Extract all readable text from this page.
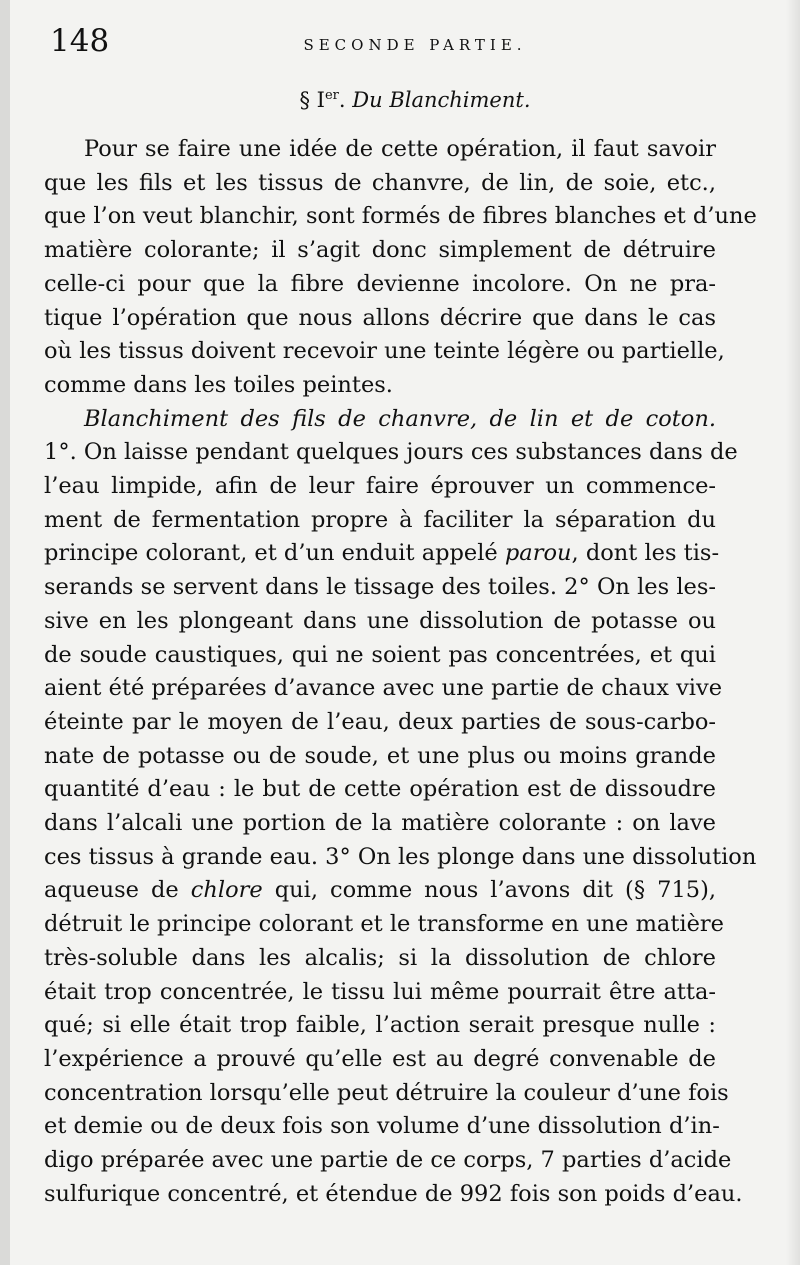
148	SECONDE PARTIE.
§ Ier. Du Blanchiment.
Pour se faire une idée de cette opération, il faut savoir
que les fils et les tissus de chanvre, de lin, de soie, etc.,
que l’on veut blanchir, sont formés de fibres blanches et d’une
matière colorante; il s’agit donc simplement de détruire
celle-ci pour que la fibre devienne incolore. On ne pra-
tique l’opération que nous allons décrire que dans le cas
où les tissus doivent recevoir une teinte légère ou partielle,
comme dans les toiles peintes.
Blanchiment des fils de chanvre, de lin et de coton.
1°. On laisse pendant quelques jours ces substances dans de
l’eau limpide, afin de leur faire éprouver un commence-
ment de fermentation propre à faciliter la séparation du
principe colorant, et d’un enduit appelé parou, dont les tis-
serands se servent dans le tissage des toiles. 2° On les les-
sive en les plongeant dans une dissolution de potasse ou
de soude caustiques, qui ne soient pas concentrées, et qui
aient été préparées d’avance avec une partie de chaux vive
éteinte par le moyen de l’eau, deux parties de sous-carbo-
nate de potasse ou de soude, et une plus ou moins grande
quantité d’eau : le but de cette opération est de dissoudre
dans l’alcali une portion de la matière colorante : on lave
ces tissus à grande eau. 3° On les plonge dans une dissolution
aqueuse de chlore qui, comme nous l’avons dit (§ 715),
détruit le principe colorant et le transforme en une matière
très-soluble dans les alcalis; si la dissolution de chlore
était trop concentrée, le tissu lui même pourrait être atta-
qué; si elle était trop faible, l’action serait presque nulle :
l’expérience a prouvé qu’elle est au degré convenable de
concentration lorsqu’elle peut détruire la couleur d’une fois
et demie ou de deux fois son volume d’une dissolution d’in-
digo préparée avec une partie de ce corps, 7 parties d’acide
sulfurique concentré, et étendue de 992 fois son poids d’eau.
